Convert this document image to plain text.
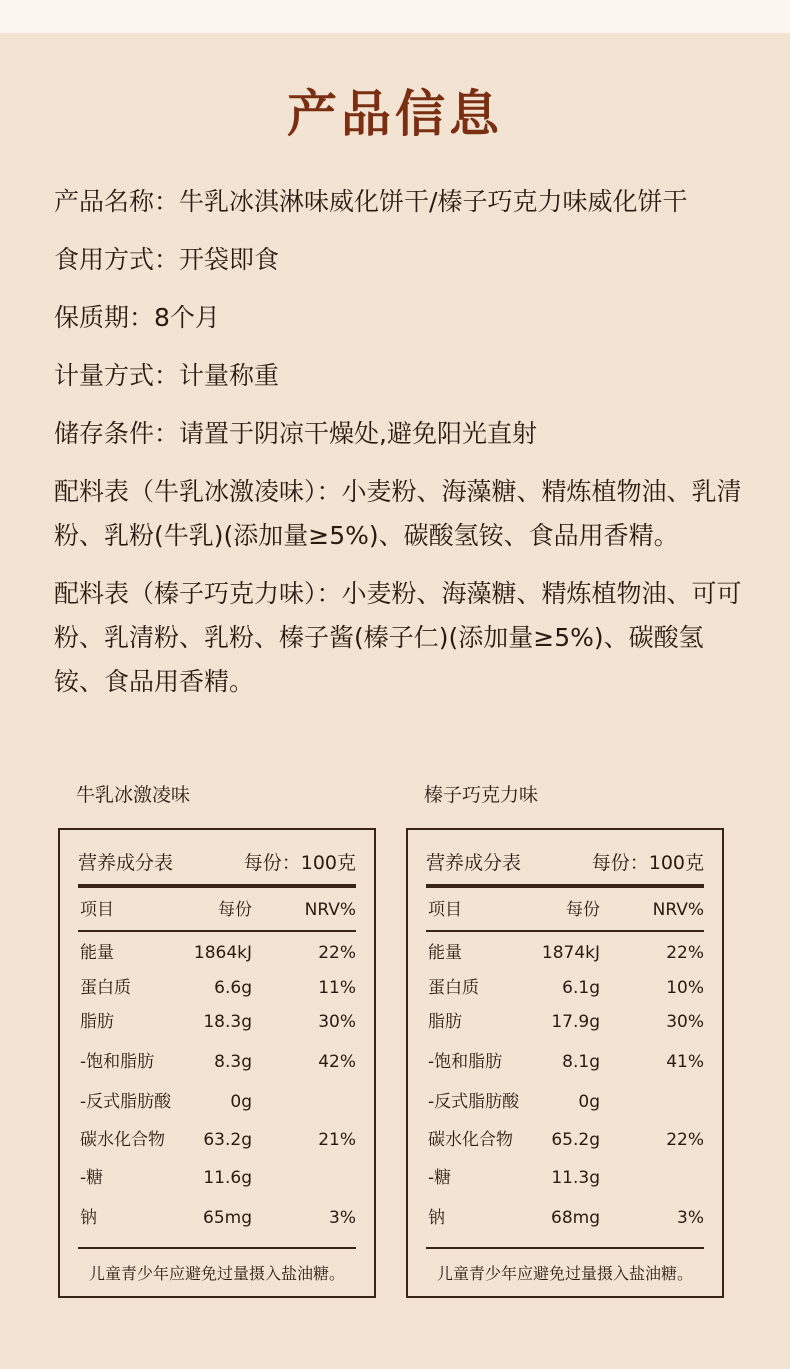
产品信息
产品名称：牛乳冰淇淋味威化饼干/榛子巧克力味威化饼干
食用方式：开袋即食
保质期：8个月
计量方式：计量称重
储存条件：请置于阴凉干燥处,避免阳光直射
配料表（牛乳冰激凌味）：小麦粉、海藻糖、精炼植物油、乳清粉、乳粉(牛乳)(添加量≥5%)、碳酸氢铵、食品用香精。
配料表（榛子巧克力味）：小麦粉、海藻糖、精炼植物油、可可粉、乳清粉、乳粉、榛子酱(榛子仁)(添加量≥5%)、碳酸氢铵、食品用香精。
牛乳冰激凌味
营养成分表	每份：100克
项目	每份	NRV%
能量	1864kJ	22%
蛋白质	6.6g	11%
脂肪	18.3g	30%
-饱和脂肪	8.3g	42%
-反式脂肪酸	0g
碳水化合物 63.2g	21%
-糖	11.6g
钠	65mg	3%
儿童青少年应避免过量摄入盐油糖。
榛子巧克力味
营养成分表	每份：100克
项目	每份	NRV%
能量	1874kJ	22%
蛋白质	6.1g	10%
脂肪	17.9g	30%
-饱和脂肪	8.1g	41%
-反式脂肪酸	0g
碳水化合物 65.2g	22%
-糖	11.3g
钠	68mg	3%
儿童青少年应避免过量摄入盐油糖。
